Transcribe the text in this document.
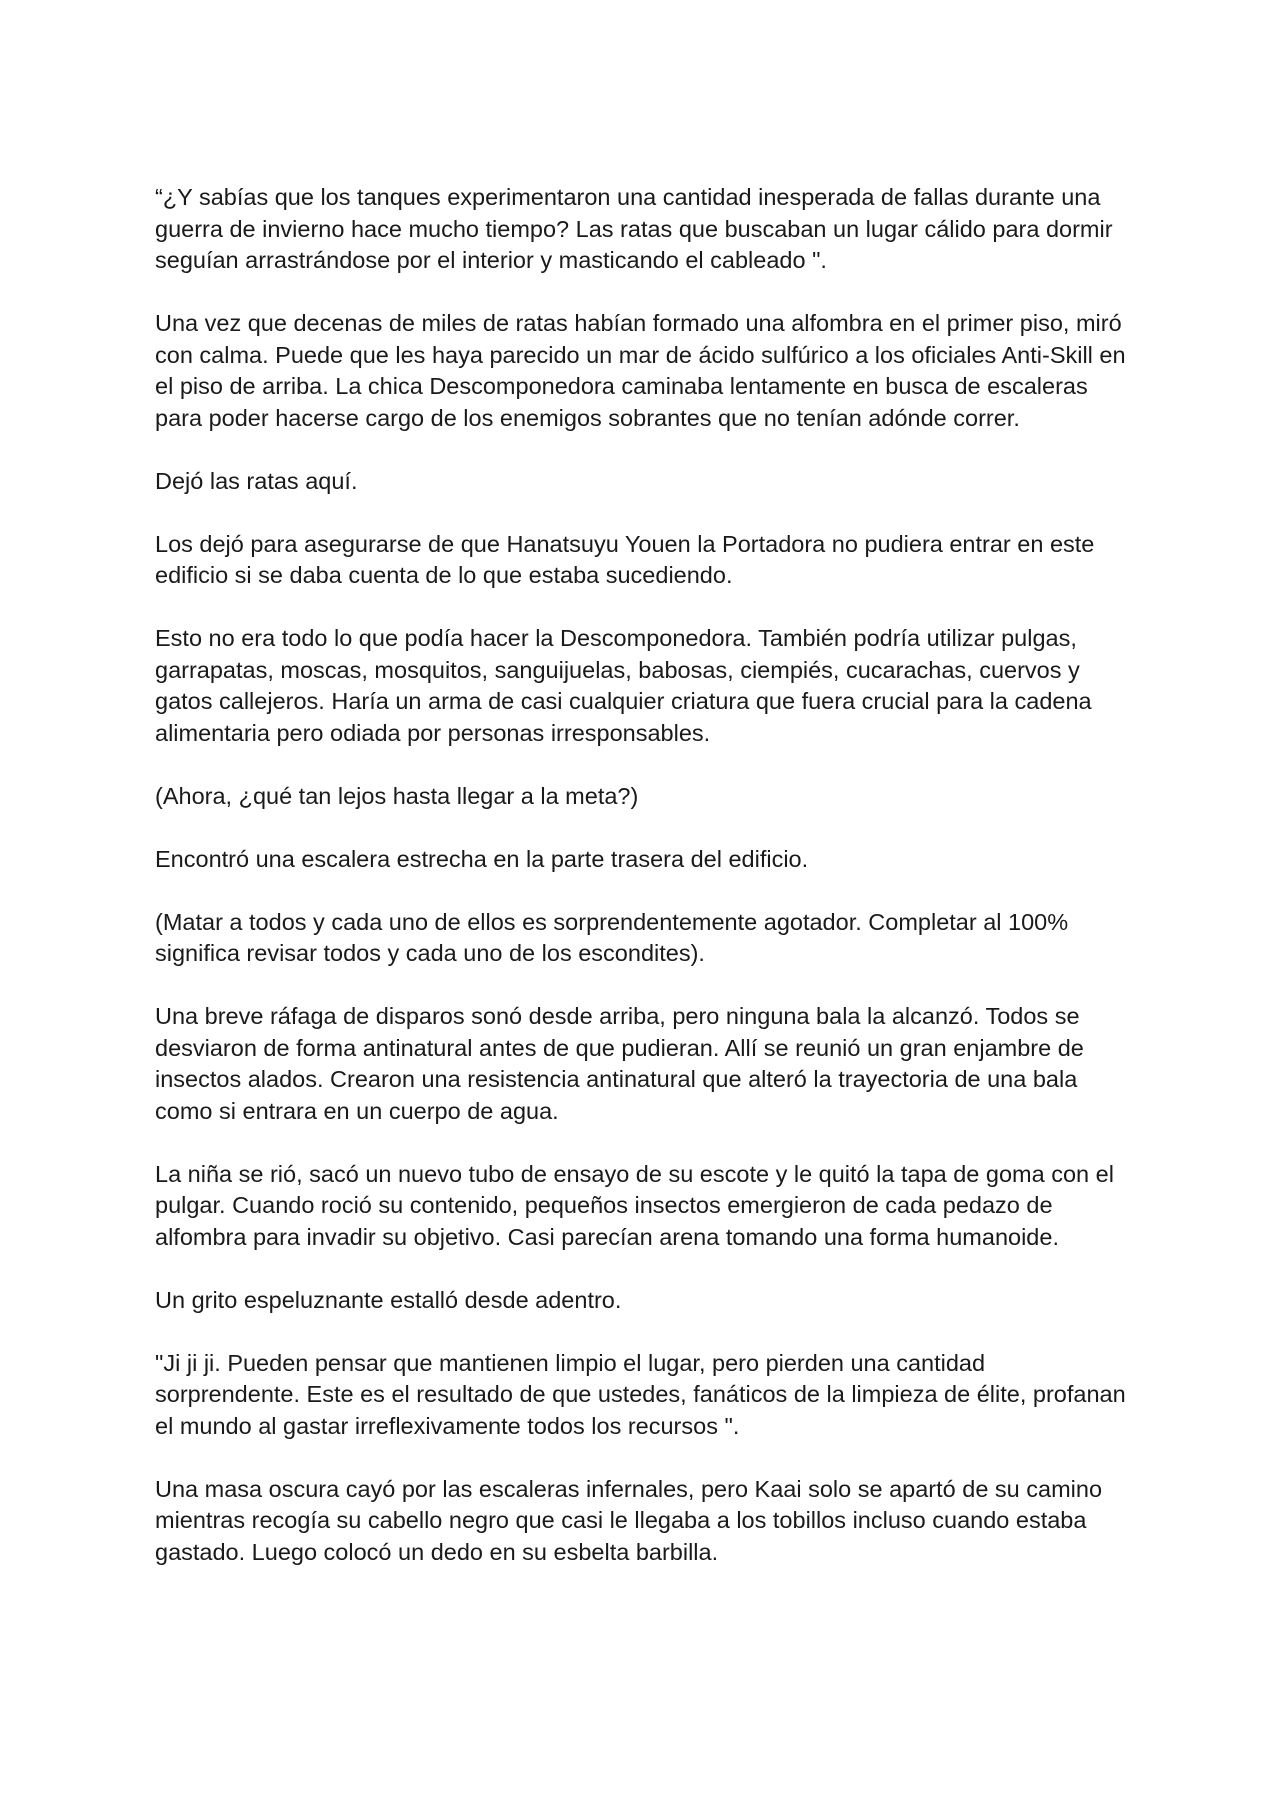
“¿Y sabías que los tanques experimentaron una cantidad inesperada de fallas durante una guerra de invierno hace mucho tiempo? Las ratas que buscaban un lugar cálido para dormir seguían arrastrándose por el interior y masticando el cableado ".

Una vez que decenas de miles de ratas habían formado una alfombra en el primer piso, miró con calma. Puede que les haya parecido un mar de ácido sulfúrico a los oficiales Anti-Skill en el piso de arriba. La chica Descomponedora caminaba lentamente en busca de escaleras para poder hacerse cargo de los enemigos sobrantes que no tenían adónde correr.

Dejó las ratas aquí.

Los dejó para asegurarse de que Hanatsuyu Youen la Portadora no pudiera entrar en este edificio si se daba cuenta de lo que estaba sucediendo.

Esto no era todo lo que podía hacer la Descomponedora. También podría utilizar pulgas, garrapatas, moscas, mosquitos, sanguijuelas, babosas, ciempiés, cucarachas, cuervos y gatos callejeros. Haría un arma de casi cualquier criatura que fuera crucial para la cadena alimentaria pero odiada por personas irresponsables.

(Ahora, ¿qué tan lejos hasta llegar a la meta?)

Encontró una escalera estrecha en la parte trasera del edificio.

(Matar a todos y cada uno de ellos es sorprendentemente agotador. Completar al 100% significa revisar todos y cada uno de los escondites).

Una breve ráfaga de disparos sonó desde arriba, pero ninguna bala la alcanzó. Todos se desviaron de forma antinatural antes de que pudieran. Allí se reunió un gran enjambre de insectos alados. Crearon una resistencia antinatural que alteró la trayectoria de una bala como si entrara en un cuerpo de agua.

La niña se rió, sacó un nuevo tubo de ensayo de su escote y le quitó la tapa de goma con el pulgar. Cuando roció su contenido, pequeños insectos emergieron de cada pedazo de alfombra para invadir su objetivo. Casi parecían arena tomando una forma humanoide.

Un grito espeluznante estalló desde adentro.

"Ji ji ji. Pueden pensar que mantienen limpio el lugar, pero pierden una cantidad sorprendente. Este es el resultado de que ustedes, fanáticos de la limpieza de élite, profanan el mundo al gastar irreflexivamente todos los recursos ".

Una masa oscura cayó por las escaleras infernales, pero Kaai solo se apartó de su camino mientras recogía su cabello negro que casi le llegaba a los tobillos incluso cuando estaba gastado. Luego colocó un dedo en su esbelta barbilla.
